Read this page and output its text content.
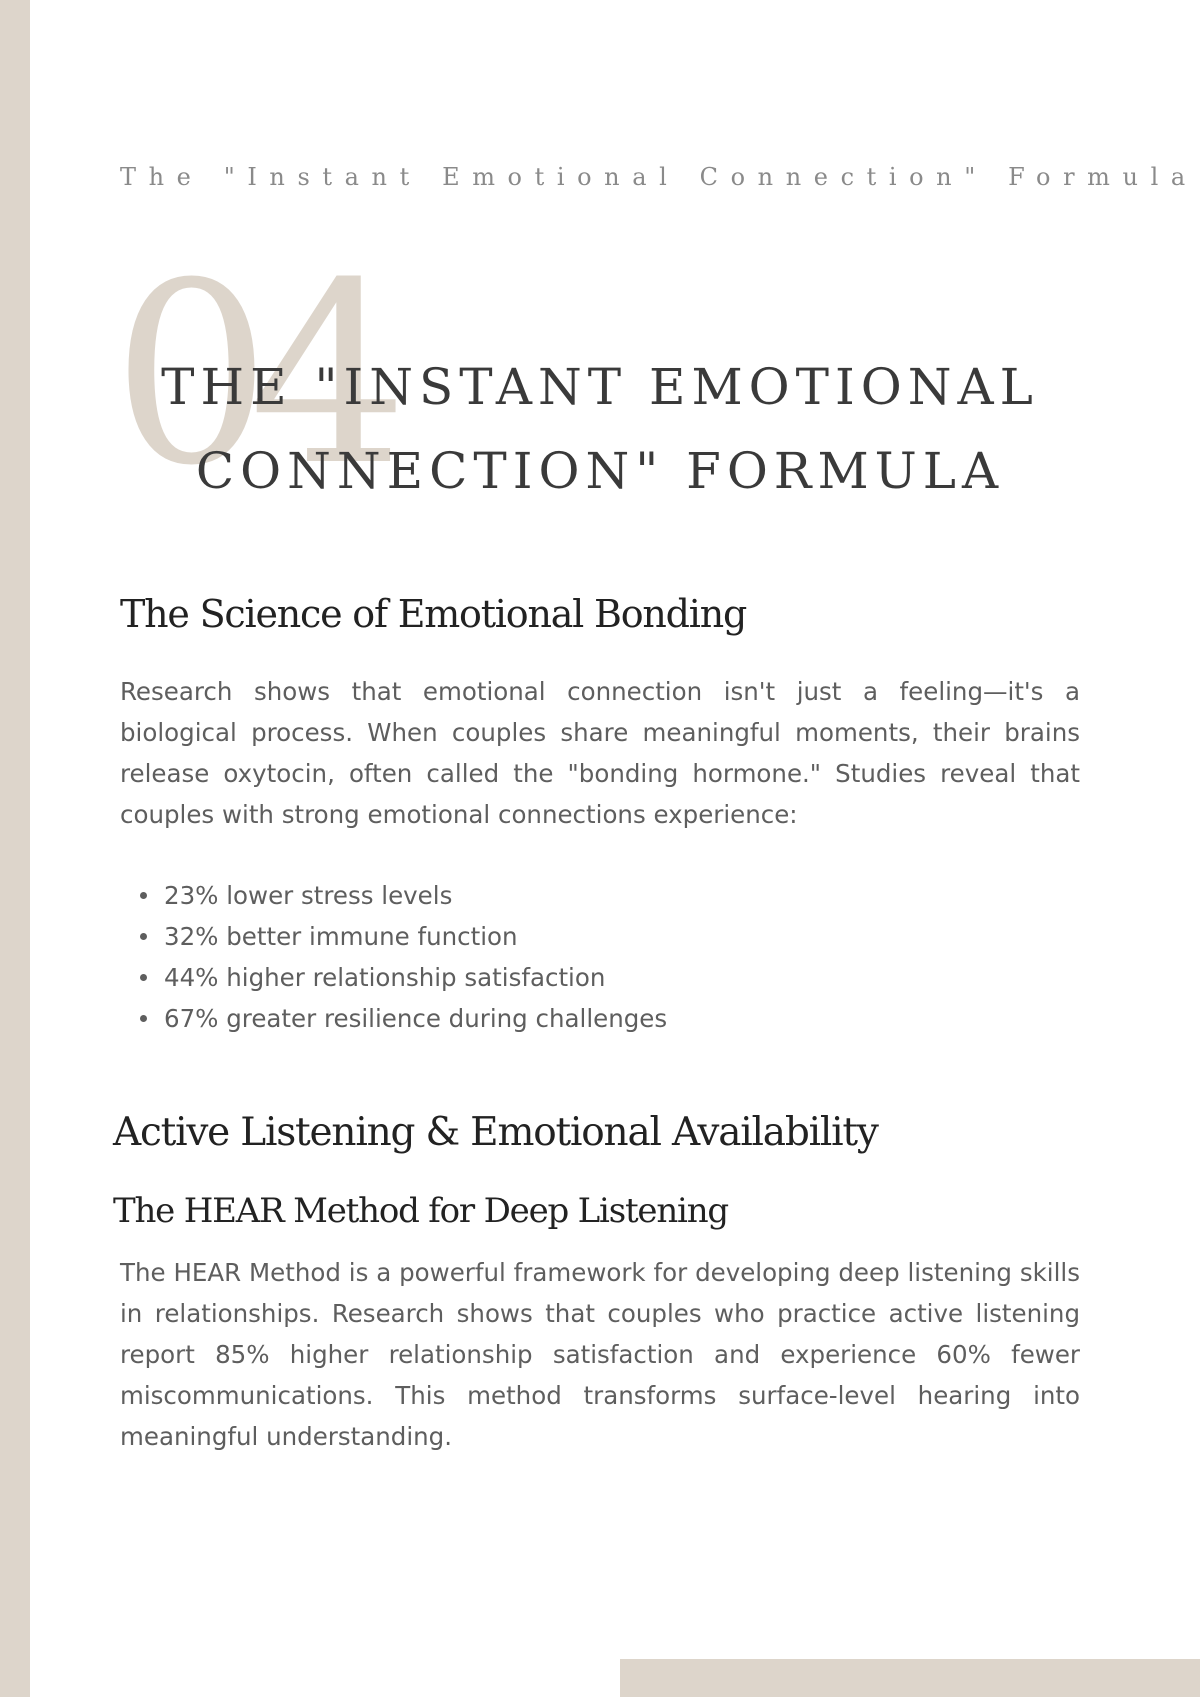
The "Instant Emotional Connection" Formula
04
THE "INSTANT EMOTIONAL CONNECTION" FORMULA
The Science of Emotional Bonding

Research shows that emotional connection isn't just a feeling—it's a biological process. When couples share meaningful moments, their brains release oxytocin, often called the "bonding hormone." Studies reveal that couples with strong emotional connections experience:

23% lower stress levels
32% better immune function
44% higher relationship satisfaction
67% greater resilience during challenges
Active Listening & Emotional Availability
The HEAR Method for Deep Listening

The HEAR Method is a powerful framework for developing deep listening skills in relationships. Research shows that couples who practice active listening report 85% higher relationship satisfaction and experience 60% fewer miscommunications. This method transforms surface-level hearing into meaningful understanding.
